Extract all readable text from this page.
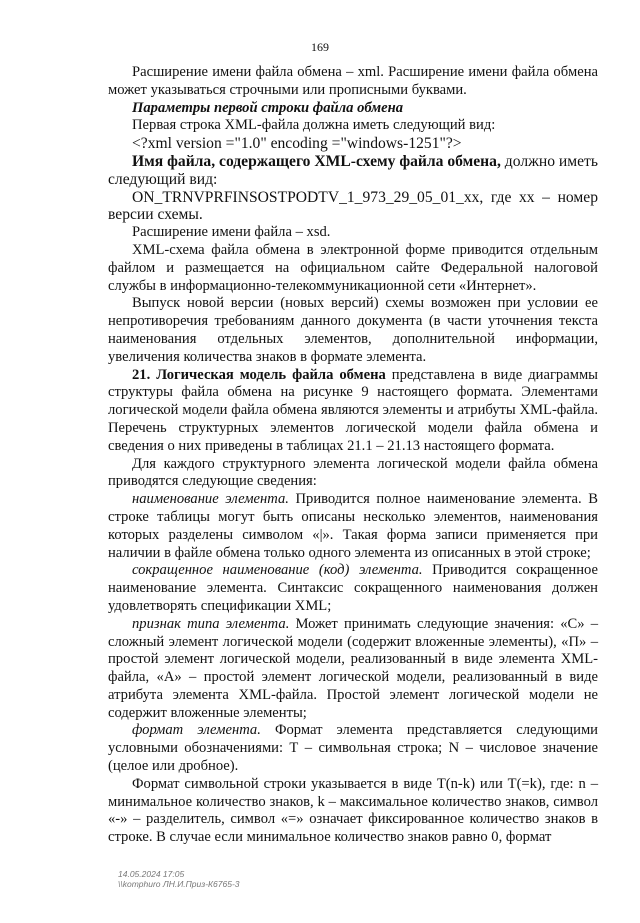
169

Расширение имени файла обмена – xml. Расширение имени файла обмена может указываться строчными или прописными буквами.

Параметры первой строки файла обмена

Первая строка XML-файла должна иметь следующий вид:

<?xml version ="1.0" encoding ="windows-1251"?>

Имя файла, содержащего XML-схему файла обмена, должно иметь следующий вид:

ON_TRNVPRFINSOSTPODTV_1_973_29_05_01_xx, где хх – номер версии схемы.

Расширение имени файла – xsd.

XML-схема файла обмена в электронной форме приводится отдельным файлом и размещается на официальном сайте Федеральной налоговой службы в информационно-телекоммуникационной сети «Интернет».

Выпуск новой версии (новых версий) схемы возможен при условии ее непротиворечия требованиям данного документа (в части уточнения текста наименования отдельных элементов, дополнительной информации, увеличения количества знаков в формате элемента.

21. Логическая модель файла обмена представлена в виде диаграммы структуры файла обмена на рисунке 9 настоящего формата. Элементами логической модели файла обмена являются элементы и атрибуты XML-файла. Перечень структурных элементов логической модели файла обмена и сведения о них приведены в таблицах 21.1 – 21.13 настоящего формата.

Для каждого структурного элемента логической модели файла обмена приводятся следующие сведения:

наименование элемента. Приводится полное наименование элемента. В строке таблицы могут быть описаны несколько элементов, наименования которых разделены символом «|». Такая форма записи применяется при наличии в файле обмена только одного элемента из описанных в этой строке;

сокращенное наименование (код) элемента. Приводится сокращенное наименование элемента. Синтаксис сокращенного наименования должен удовлетворять спецификации XML;

признак типа элемента. Может принимать следующие значения: «С» – сложный элемент логической модели (содержит вложенные элементы), «П» – простой элемент логической модели, реализованный в виде элемента XML-файла, «А» – простой элемент логической модели, реализованный в виде атрибута элемента XML-файла. Простой элемент логической модели не содержит вложенные элементы;

формат элемента. Формат элемента представляется следующими условными обозначениями: Т – символьная строка; N – числовое значение (целое или дробное).

Формат символьной строки указывается в виде Т(n-k) или T(=k), где: n – минимальное количество знаков, k – максимальное количество знаков, символ «-» – разделитель, символ «=» означает фиксированное количество знаков в строке. В случае если минимальное количество знаков равно 0, формат

14.05.2024 17:05
\\komphuro ЛН.И.Приз-К6765-3
